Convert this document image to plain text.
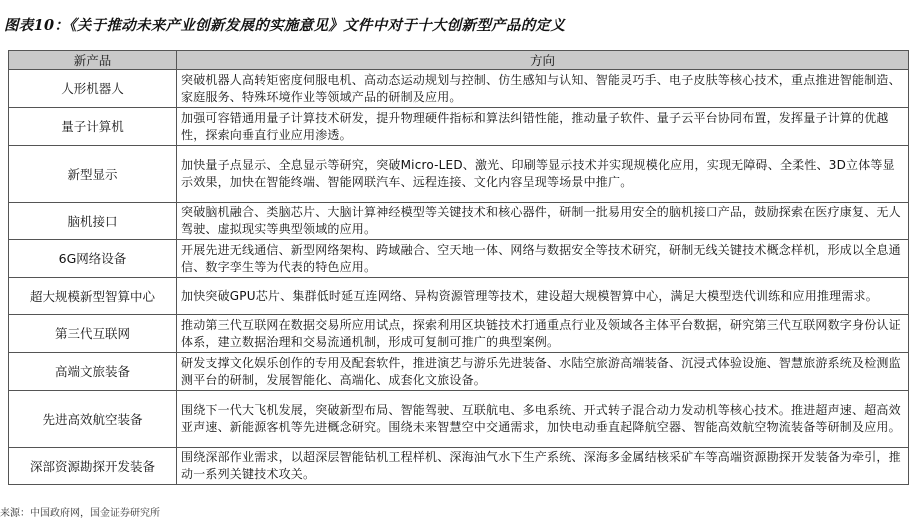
图表10：《关于推动未来产业创新发展的实施意见》文件中对于十大创新型产品的定义
新产品	方向
人形机器人	突破机器人高转矩密度伺服电机、高动态运动规划与控制、仿生感知与认知、智能灵巧手、电子皮肤等核心技术，重点推进智能制造、家庭服务、特殊环境作业等领域产品的研制及应用。
量子计算机	加强可容错通用量子计算技术研发，提升物理硬件指标和算法纠错性能，推动量子软件、量子云平台协同布置，发挥量子计算的优越性，探索向垂直行业应用渗透。
新型显示	加快量子点显示、全息显示等研究，突破Micro-LED、激光、印刷等显示技术并实现规模化应用，实现无障碍、全柔性、3D立体等显示效果，加快在智能终端、智能网联汽车、远程连接、文化内容呈现等场景中推广。
脑机接口	突破脑机融合、类脑芯片、大脑计算神经模型等关键技术和核心器件，研制一批易用安全的脑机接口产品，鼓励探索在医疗康复、无人驾驶、虚拟现实等典型领域的应用。
6G网络设备	开展先进无线通信、新型网络架构、跨域融合、空天地一体、网络与数据安全等技术研究，研制无线关键技术概念样机，形成以全息通信、数字孪生等为代表的特色应用。
超大规模新型智算中心	加快突破GPU芯片、集群低时延互连网络、异构资源管理等技术，建设超大规模智算中心，满足大模型迭代训练和应用推理需求。
第三代互联网	推动第三代互联网在数据交易所应用试点，探索利用区块链技术打通重点行业及领域各主体平台数据，研究第三代互联网数字身份认证体系，建立数据治理和交易流通机制，形成可复制可推广的典型案例。
高端文旅装备	研发支撑文化娱乐创作的专用及配套软件，推进演艺与游乐先进装备、水陆空旅游高端装备、沉浸式体验设施、智慧旅游系统及检测监测平台的研制，发展智能化、高端化、成套化文旅设备。
先进高效航空装备	围绕下一代大飞机发展，突破新型布局、智能驾驶、互联航电、多电系统、开式转子混合动力发动机等核心技术。推进超声速、超高效亚声速、新能源客机等先进概念研究。围绕未来智慧空中交通需求，加快电动垂直起降航空器、智能高效航空物流装备等研制及应用。
深部资源勘探开发装备	围绕深部作业需求，以超深层智能钻机工程样机、深海油气水下生产系统、深海多金属结核采矿车等高端资源勘探开发装备为牵引，推动一系列关键技术攻关。
来源：中国政府网，国金证券研究所
